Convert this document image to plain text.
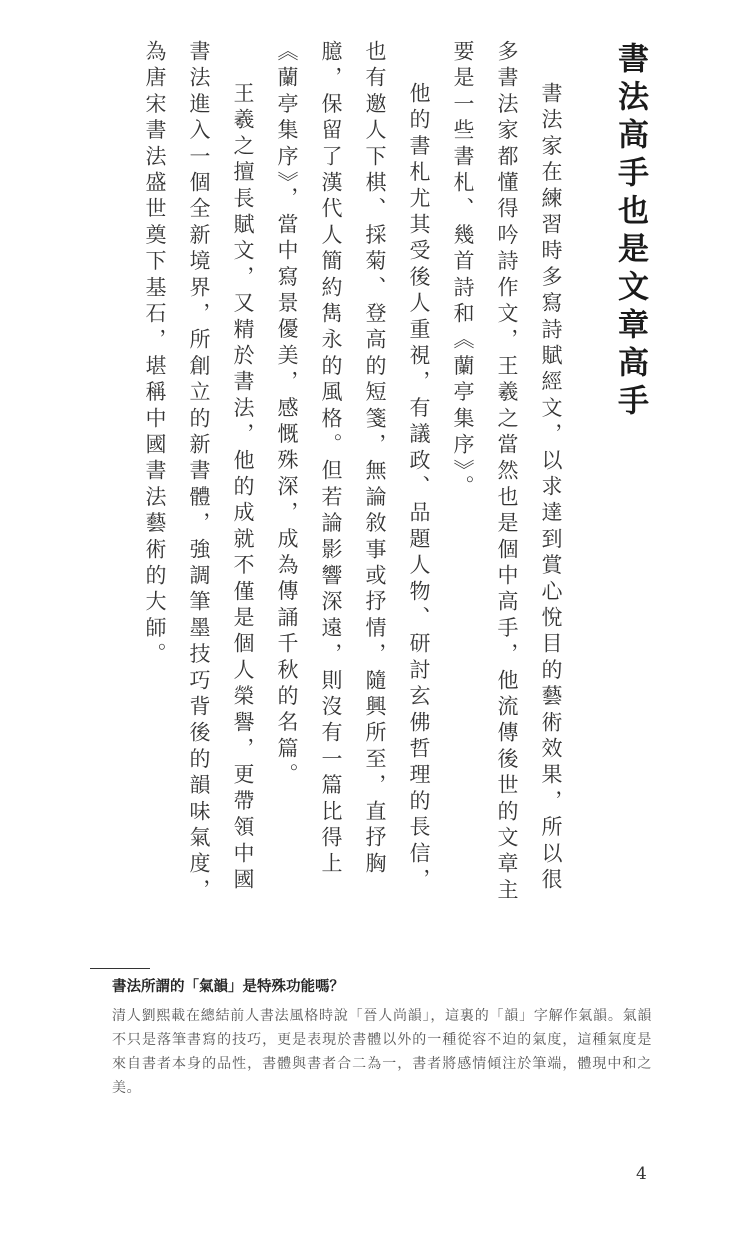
書法高手也是文章高手

書法家在練習時多寫詩賦經文，以求達到賞心悅目的藝術效果，所以很多書法家都懂得吟詩作文，王羲之當然也是個中高手，他流傳後世的文章主要是一些書札、幾首詩和《蘭亭集序》。

他的書札尤其受後人重視，有議政、品題人物、研討玄佛哲理的長信，也有邀人下棋、採菊、登高的短箋，無論敘事或抒情，隨興所至，直抒胸臆，保留了漢代人簡約雋永的風格。但若論影響深遠，則沒有一篇比得上《蘭亭集序》，當中寫景優美，感慨殊深，成為傳誦千秋的名篇。

王羲之擅長賦文，又精於書法，他的成就不僅是個人榮譽，更帶領中國書法進入一個全新境界，所創立的新書體，強調筆墨技巧背後的韻味氣度，為唐宋書法盛世奠下基石，堪稱中國書法藝術的大師。

書法所謂的「氣韻」是特殊功能嗎？

清人劉熙載在總結前人書法風格時說「晉人尚韻」，這裏的「韻」字解作氣韻。氣韻不只是落筆書寫的技巧，更是表現於書體以外的一種從容不迫的氣度，這種氣度是來自書者本身的品性，書體與書者合二為一，書者將感情傾注於筆端，體現中和之美。

4
